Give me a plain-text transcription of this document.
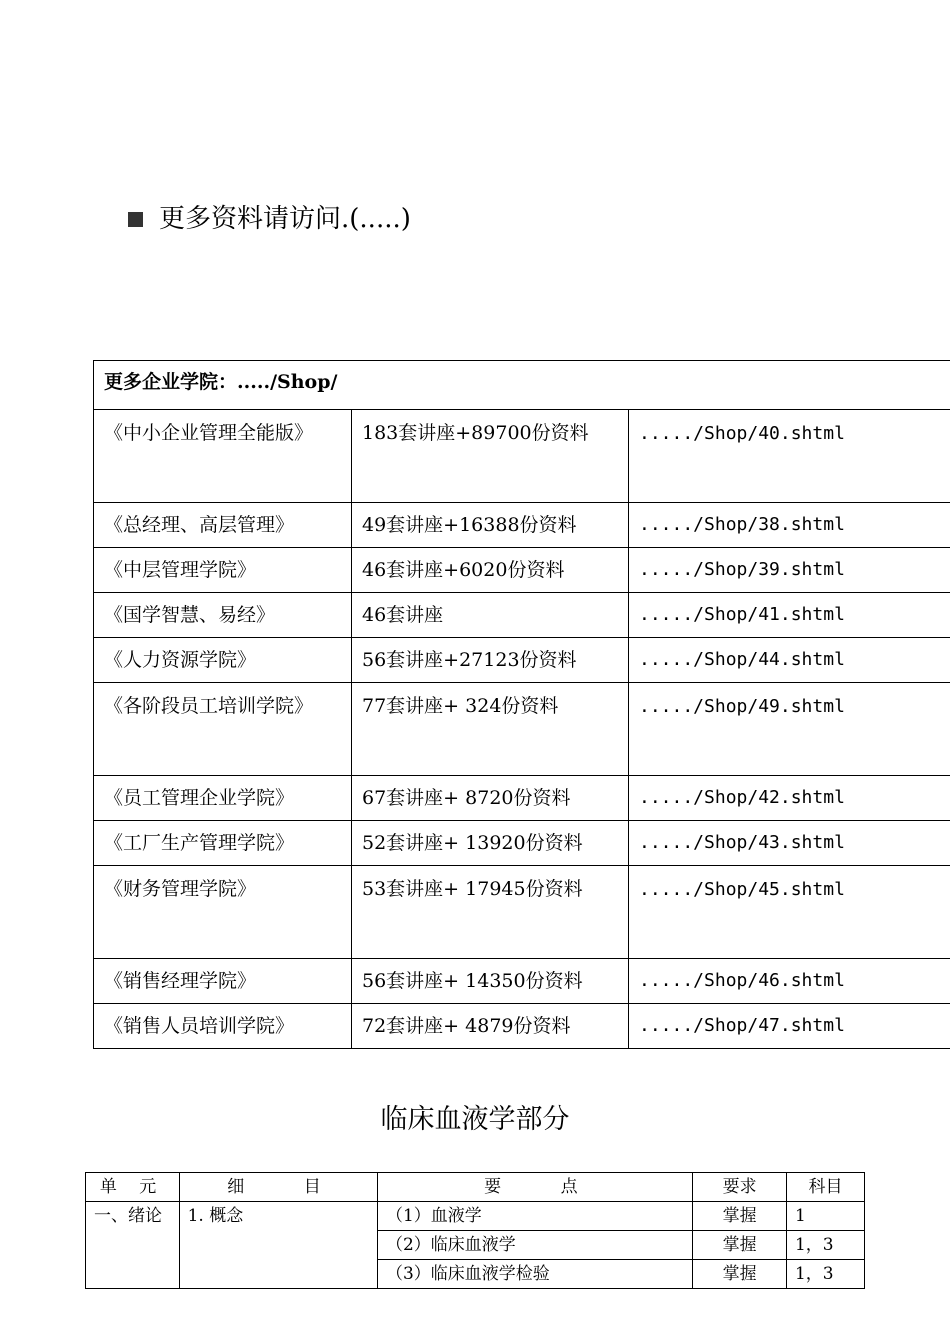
更多资料请访问.(.....)
更多企业学院：...../Shop/		
《中小企业管理全能版》	183套讲座+89700份资料	...../Shop/40.shtml
《总经理、高层管理》	49套讲座+16388份资料	...../Shop/38.shtml
《中层管理学院》	46套讲座+6020份资料	...../Shop/39.shtml
《国学智慧、易经》	46套讲座	...../Shop/41.shtml
《人力资源学院》	56套讲座+27123份资料	...../Shop/44.shtml
《各阶段员工培训学院》	77套讲座+ 324份资料	...../Shop/49.shtml
《员工管理企业学院》	67套讲座+ 8720份资料	...../Shop/42.shtml
《工厂生产管理学院》	52套讲座+ 13920份资料	...../Shop/43.shtml
《财务管理学院》	53套讲座+ 17945份资料	...../Shop/45.shtml
《销售经理学院》	56套讲座+ 14350份资料	...../Shop/46.shtml
《销售人员培训学院》	72套讲座+ 4879份资料	...../Shop/47.shtml
临床血液学部分
单 元	细　　目	要　　点	要求	科目
一、绪论	1. 概念	（1）血液学	掌握	1
		（2）临床血液学	掌握	1，3
		（3）临床血液学检验	掌握	1，3
